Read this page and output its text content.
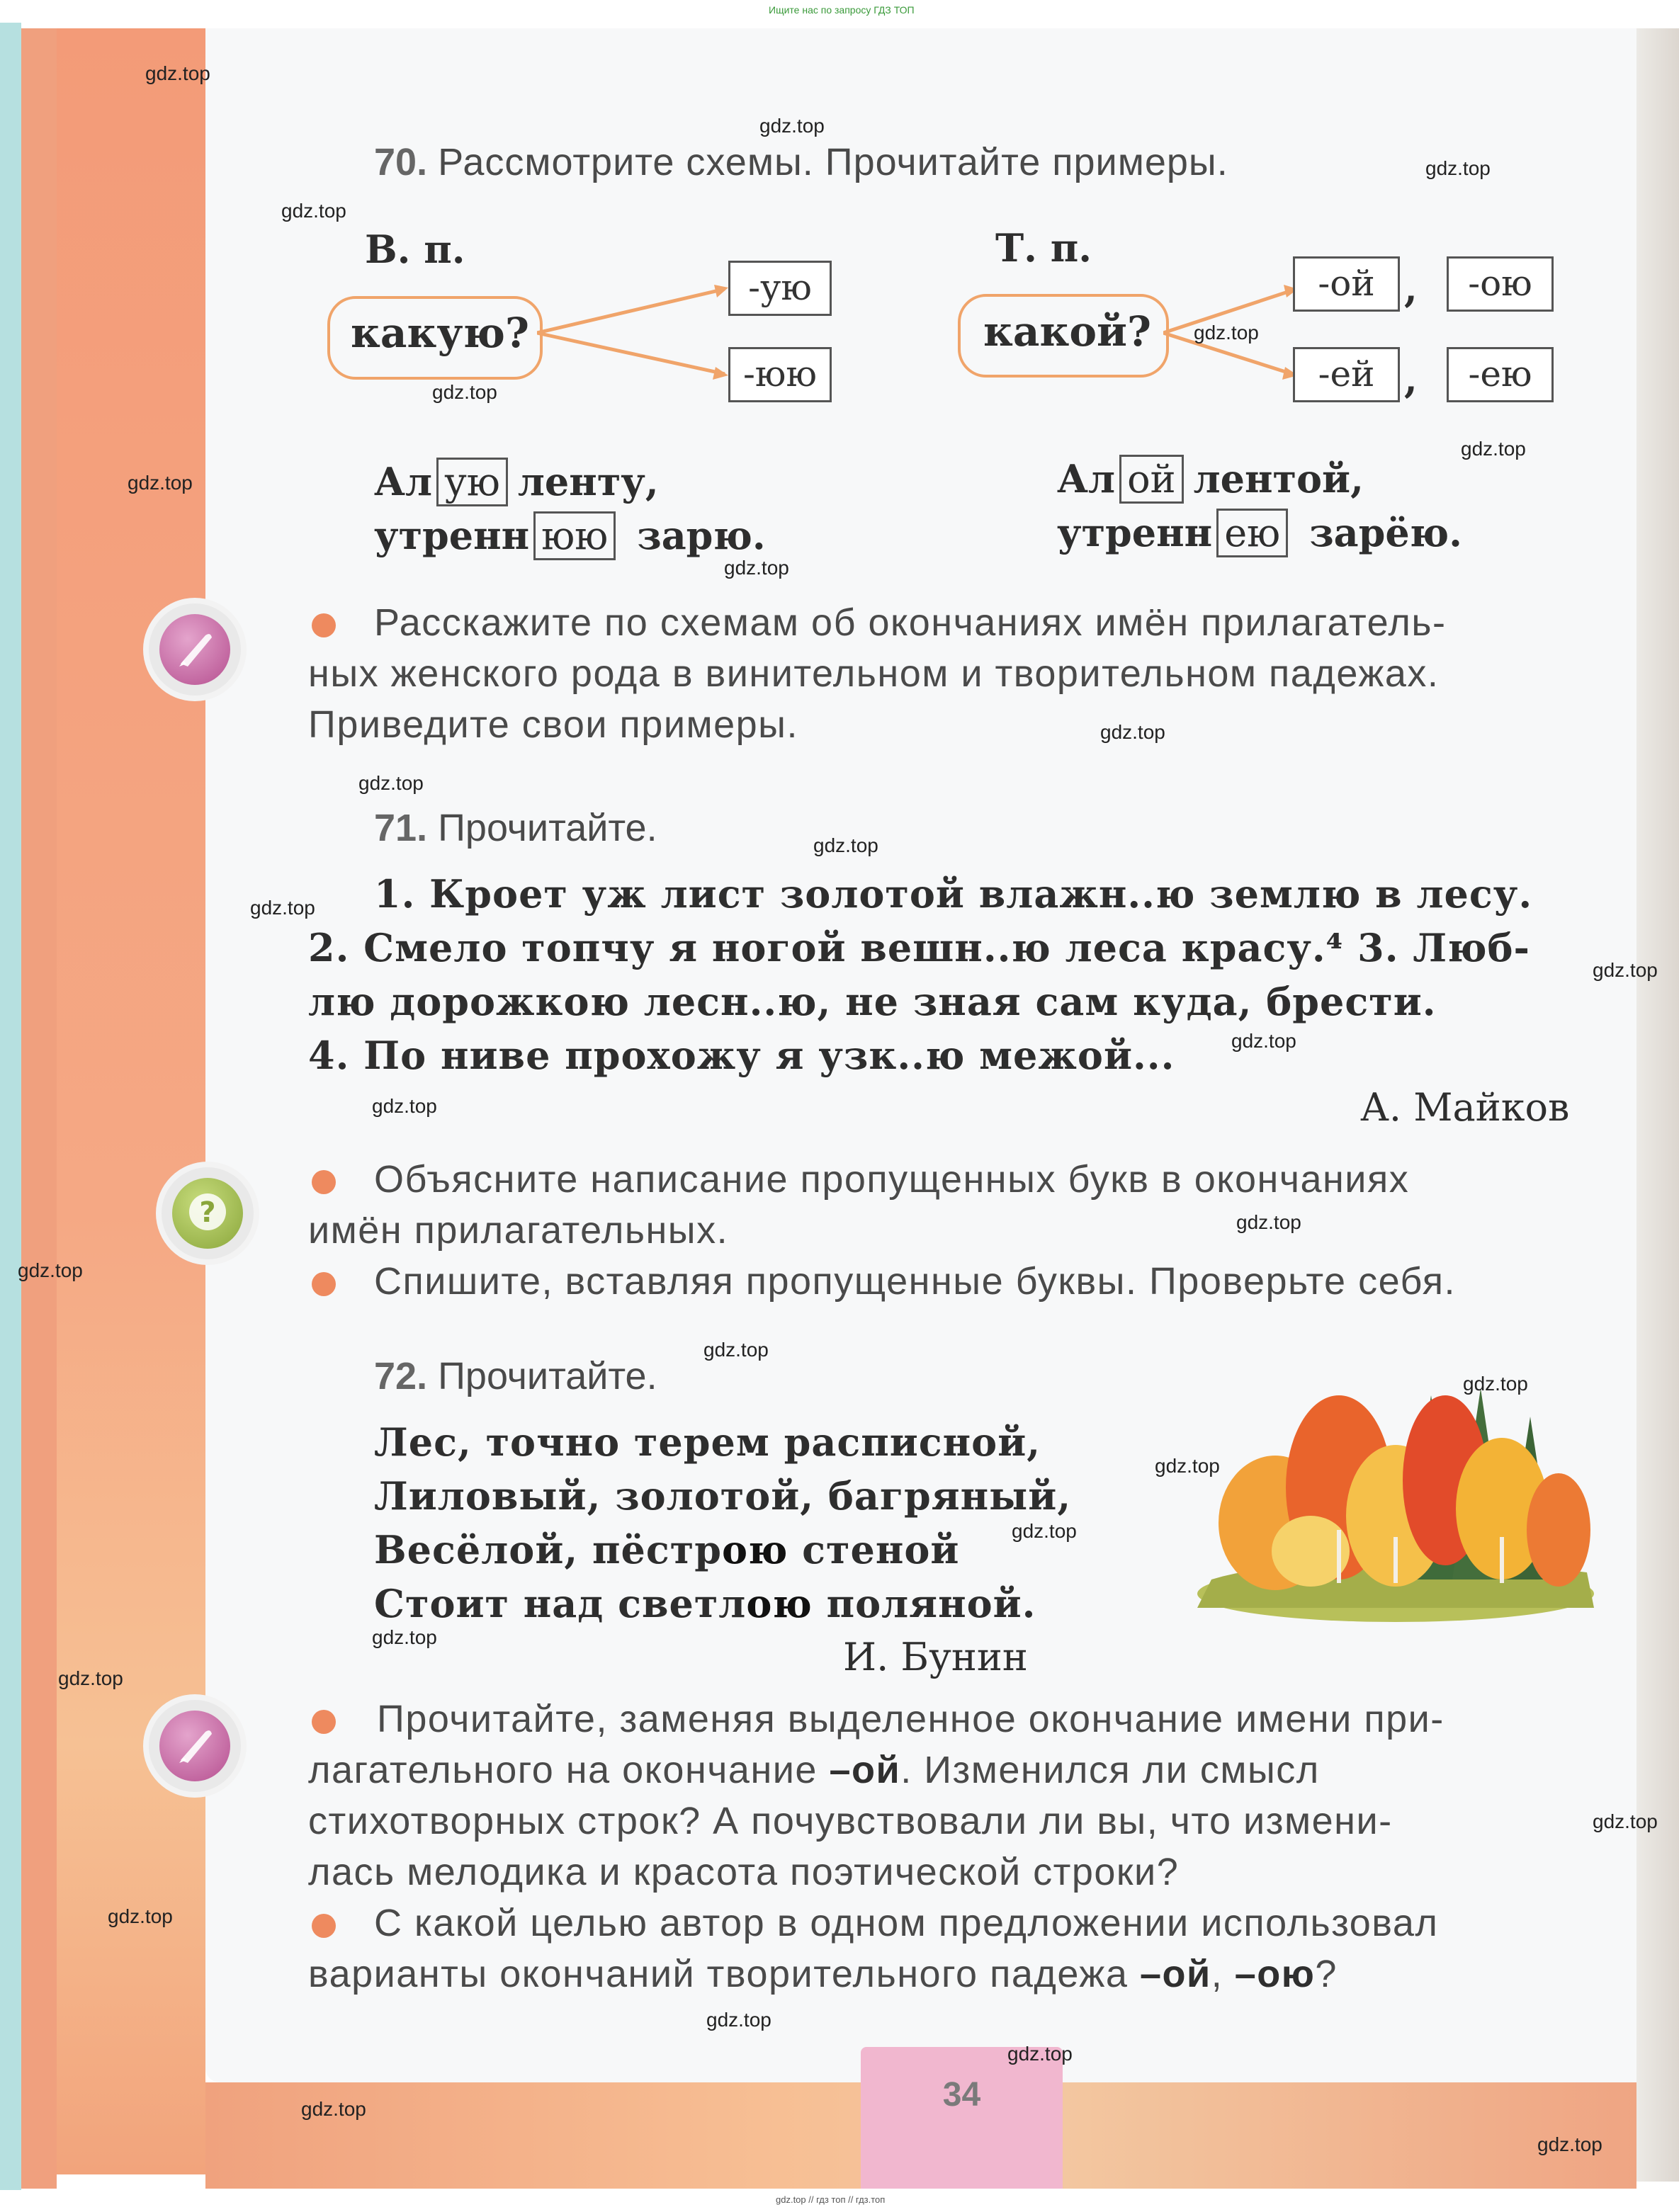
34
Ищите нас по запросу ГДЗ ТОП
gdz.top // гдз топ // гдз.топ
?
70. Рассмотрите схемы. Прочитайте примеры.
В. п.
какую?
-ую
-юю
Т. п.
какой?
-ой ,	-ою
-ей ,	-ею
Ал ую ленту,
утренн юю зарю.
Ал ой лентой,
утренн ею зарёю.
Расскажите по схемам об окончаниях имён прилагатель-
ных женского рода в винительном и творительном падежах.
Приведите свои примеры.
71. Прочитайте.
1. Кроет уж лист золотой влажн..ю землю в лесу.
2. Смело топчу я ногой вешн..ю леса красу.⁴ 3. Люб-
лю дорожкою лесн..ю, не зная сам куда, брести.
4. По ниве прохожу я узк..ю межой...
А. Майков
Объясните написание пропущенных букв в окончаниях
имён прилагательных.
Спишите, вставляя пропущенные буквы. Проверьте себя.
72. Прочитайте.
Лес, точно терем расписной,
Лиловый, золотой, багряный,
Весёлой, пёстрою стеной
Стоит над светлою поляной.
И. Бунин
Прочитайте, заменяя выделенное окончание имени при-
лагательного на окончание –ой. Изменился ли смысл
стихотворных строк? А почувствовали ли вы, что измени-
лась мелодика и красота поэтической строки?
С какой целью автор в одном предложении использовал
варианты окончаний творительного падежа –ой, –ою?
gdz.top
gdz.top
gdz.top
gdz.top
gdz.top
gdz.top
gdz.top
gdz.top
gdz.top
gdz.top
gdz.top
gdz.top
gdz.top
gdz.top
gdz.top
gdz.top
gdz.top
gdz.top
gdz.top
gdz.top
gdz.top
gdz.top
gdz.top
gdz.top
gdz.top
gdz.top
gdz.top
gdz.top
gdz.top
gdz.top
